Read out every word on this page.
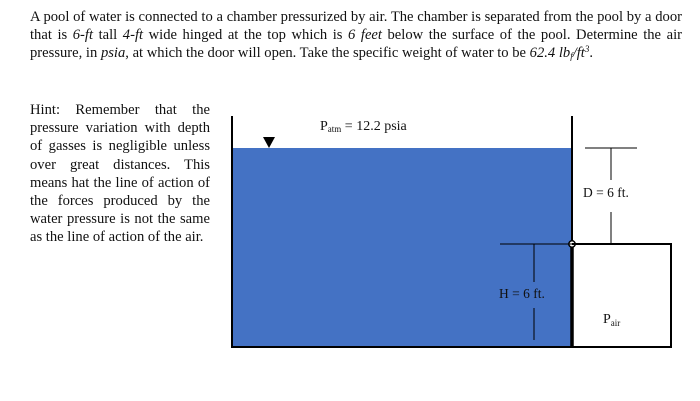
A pool of water is connected to a chamber pressurized by air. The chamber is separated from the pool by a door that is 6-ft tall 4-ft wide hinged at the top which is 6 feet below the surface of the pool. Determine the air pressure, in psia, at which the door will open. Take the specific weight of water to be 62.4 $lb_f/ft^3$.

Hint: Remember that the pressure variation with depth of gasses is negligible unless over great distances. This means hat the line of action of the forces produced by the water pressure is not the same as the line of action of the air.

Patm = 12.2 psia
D = 6 ft.
H = 6 ft.
$P_{air}$
